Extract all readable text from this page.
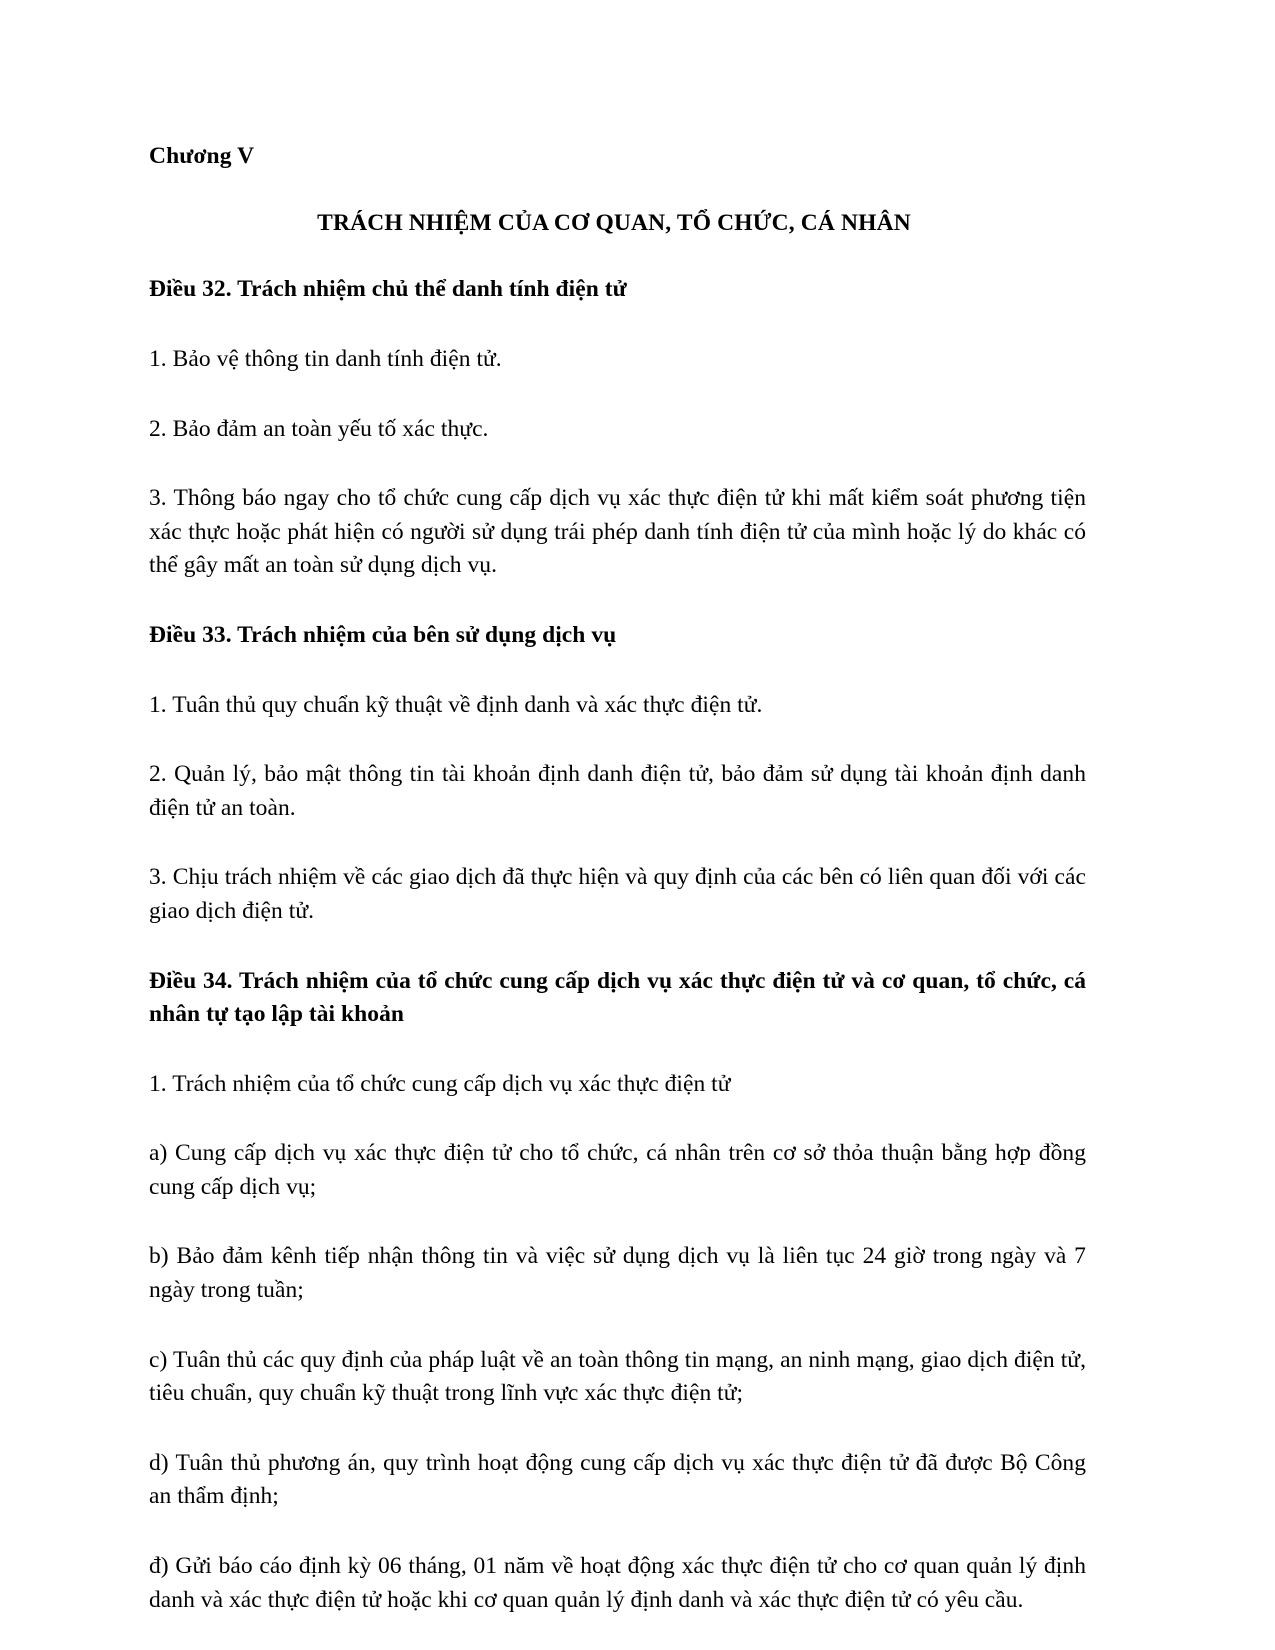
Chương V
TRÁCH NHIỆM CỦA CƠ QUAN, TỔ CHỨC, CÁ NHÂN
Điều 32. Trách nhiệm chủ thể danh tính điện tử
1. Bảo vệ thông tin danh tính điện tử.
2. Bảo đảm an toàn yếu tố xác thực.
3. Thông báo ngay cho tổ chức cung cấp dịch vụ xác thực điện tử khi mất kiểm soát phương tiện xác thực hoặc phát hiện có người sử dụng trái phép danh tính điện tử của mình hoặc lý do khác có thể gây mất an toàn sử dụng dịch vụ.
Điều 33. Trách nhiệm của bên sử dụng dịch vụ
1. Tuân thủ quy chuẩn kỹ thuật về định danh và xác thực điện tử.
2. Quản lý, bảo mật thông tin tài khoản định danh điện tử, bảo đảm sử dụng tài khoản định danh điện tử an toàn.
3. Chịu trách nhiệm về các giao dịch đã thực hiện và quy định của các bên có liên quan đối với các giao dịch điện tử.
Điều 34. Trách nhiệm của tổ chức cung cấp dịch vụ xác thực điện tử và cơ quan, tổ chức, cá nhân tự tạo lập tài khoản
1. Trách nhiệm của tổ chức cung cấp dịch vụ xác thực điện tử
a) Cung cấp dịch vụ xác thực điện tử cho tổ chức, cá nhân trên cơ sở thỏa thuận bằng hợp đồng cung cấp dịch vụ;
b) Bảo đảm kênh tiếp nhận thông tin và việc sử dụng dịch vụ là liên tục 24 giờ trong ngày và 7 ngày trong tuần;
c) Tuân thủ các quy định của pháp luật về an toàn thông tin mạng, an ninh mạng, giao dịch điện tử, tiêu chuẩn, quy chuẩn kỹ thuật trong lĩnh vực xác thực điện tử;
d) Tuân thủ phương án, quy trình hoạt động cung cấp dịch vụ xác thực điện tử đã được Bộ Công an thẩm định;
đ) Gửi báo cáo định kỳ 06 tháng, 01 năm về hoạt động xác thực điện tử cho cơ quan quản lý định danh và xác thực điện tử hoặc khi cơ quan quản lý định danh và xác thực điện tử có yêu cầu.
